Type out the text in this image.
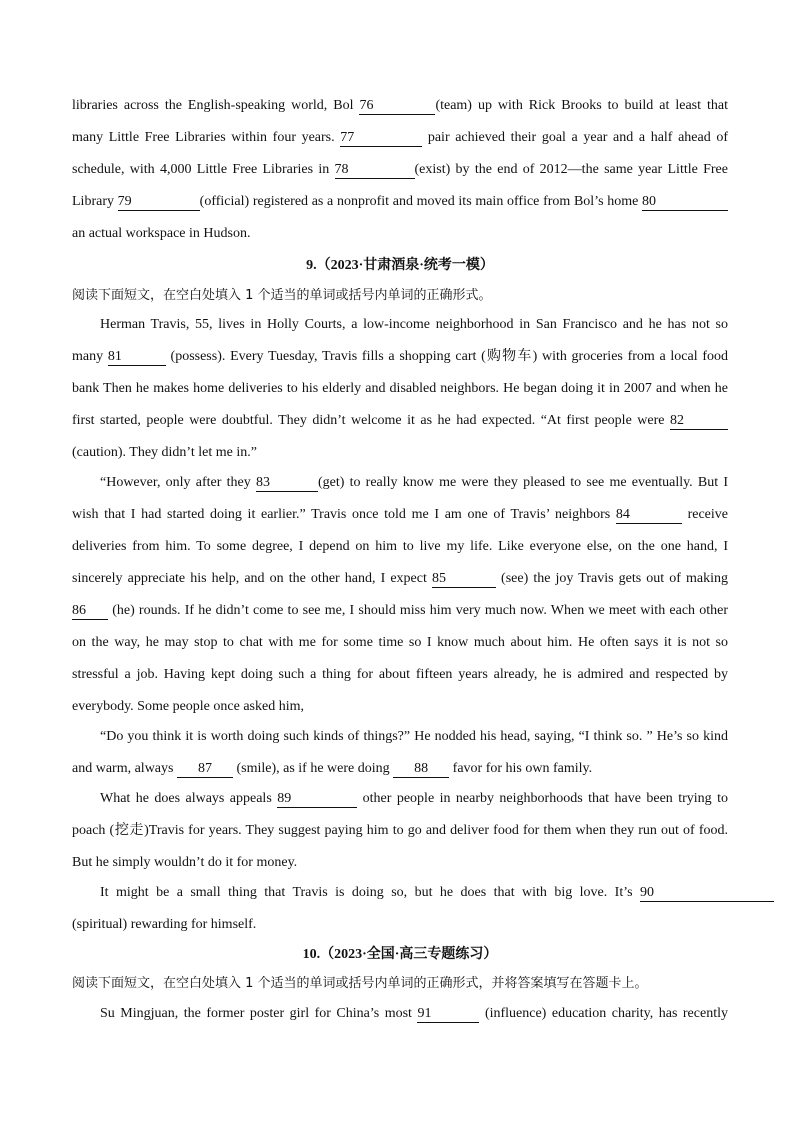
libraries across the English-speaking world, Bol 76	(team) up with Rick Brooks to build at least that
many Little Free Libraries within four years. 77	pair achieved their goal a year and a half ahead of
schedule, with 4,000 Little Free Libraries in 78	(exist) by the end of 2012—the same year Little Free
Library 79	(official) registered as a nonprofit and moved its main office from Bol’s home 80
an actual workspace in Hudson.
9.（2023·甘肃酒泉·统考一模）
阅读下面短文，在空白处填入 1 个适当的单词或括号内单词的正确形式。
Herman Travis, 55, lives in Holly Courts, a low-income neighborhood in San Francisco and he has not so
many 81	(possess). Every Tuesday, Travis fills a shopping cart (购物车) with groceries from a local food
bank Then he makes home deliveries to his elderly and disabled neighbors. He began doing it in 2007 and when he
first started, people were doubtful. They didn’t welcome it as he had expected. “At first people were 82
(caution). They didn’t let me in.”
“However, only after they 83	(get) to really know me were they pleased to see me eventually. But I
wish that I had started doing it earlier.” Travis once told me I am one of Travis’ neighbors 84	receive
deliveries from him. To some degree, I depend on him to live my life. Like everyone else, on the one hand, I
sincerely appreciate his help, and on the other hand, I expect 85	(see) the joy Travis gets out of making
86 (he) rounds. If he didn’t come to see me, I should miss him very much now. When we meet with each other
on the way, he may stop to chat with me for some time so I know much about him. He often says it is not so
stressful a job. Having kept doing such a thing for about fifteen years already, he is admired and respected by
everybody. Some people once asked him,
“Do you think it is worth doing such kinds of things?” He nodded his head, saying, “I think so. ” He’s so kind
and warm, always 87 (smile), as if he were doing 88 favor for his own family.
What he does always appeals 89	other people in nearby neighborhoods that have been trying to
poach (挖走)Travis for years. They suggest paying him to go and deliver food for them when they run out of food.
But he simply wouldn’t do it for money.
It might be a small thing that Travis is doing so, but he does that with big love. It’s 90
(spiritual) rewarding for himself.
10.（2023·全国·高三专题练习）
阅读下面短文，在空白处填入 1 个适当的单词或括号内单词的正确形式，并将答案填写在答题卡上。
Su Mingjuan, the former poster girl for China’s most 91	(influence) education charity, has recently
